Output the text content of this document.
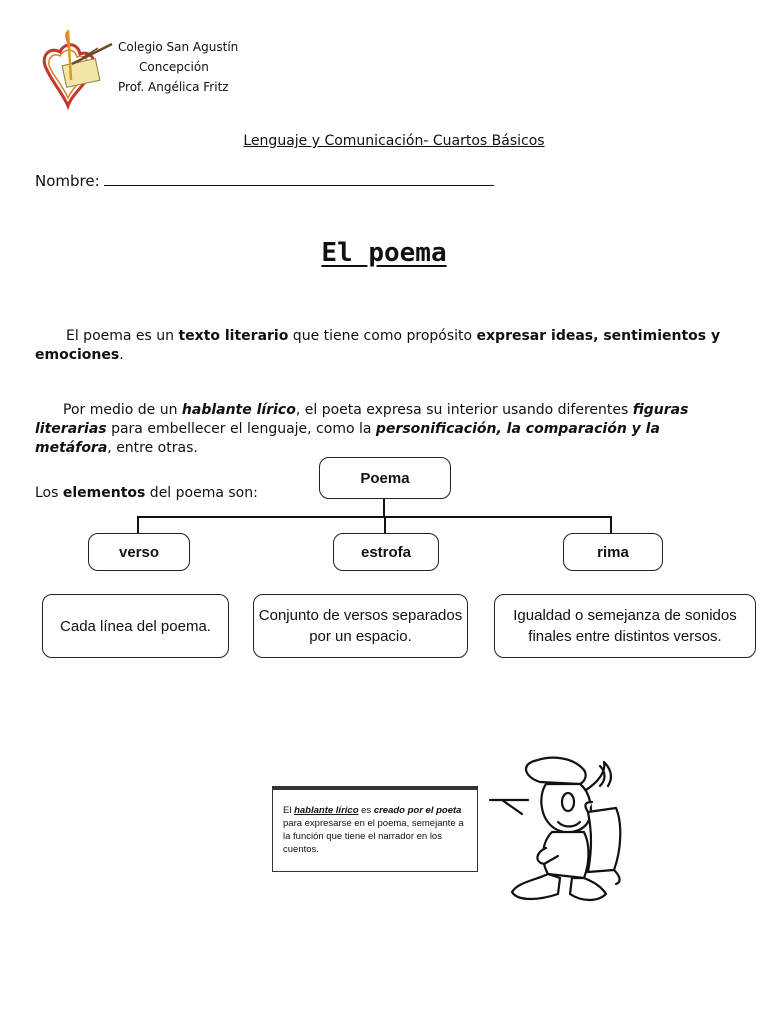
Colegio San Agustín
Concepción
Prof. Angélica Fritz
Lenguaje y Comunicación- Cuartos Básicos
Nombre:
El poema
El poema es un texto literario que tiene como propósito expresar ideas, sentimientos y emociones.
Por medio de un hablante lírico, el poeta expresa su interior usando diferentes figuras literarias para embellecer el lenguaje, como la personificación, la comparación y la metáfora, entre otras.
Los elementos del poema son:
Poema
verso	estrofa	rima
Cada línea del poema.
Conjunto de versos separados por un espacio.
Igualdad o semejanza de sonidos finales entre distintos versos.
El hablante lírico es creado por el poeta para expresarse en el poema, semejante a la función que tiene el narrador en los cuentos.
